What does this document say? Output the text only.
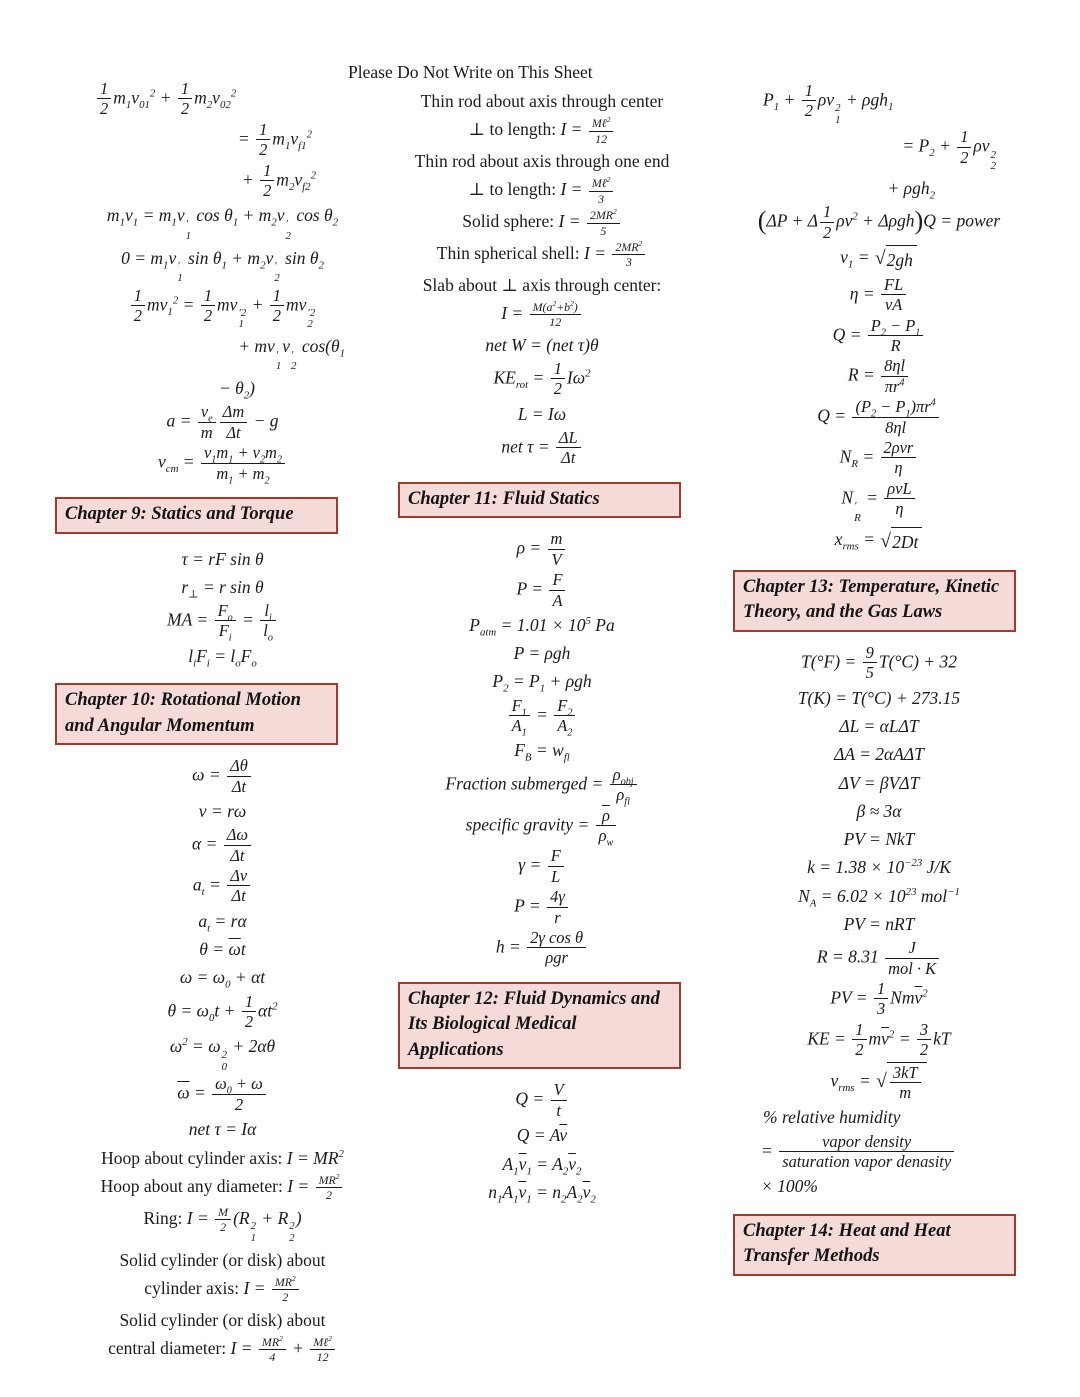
Please Do Not Write on This Sheet
$\frac{1}{2} m_1v_{01}^2 + \frac{1}{2} m_2v_{02}^2$
= $\frac{1}{2} m_1v_{f1}^2$
+ $\frac{1}{2} m_2v_{f2}^2$
$m_1v_1 = m_1v$ ′
1
$\cos \theta_1 + m_2v$ ′
2
$\cos \theta_2$
$0 = m_1v$ ′
1
$\sin \theta_1 + m_2v$ ′
2
$\sin \theta_2$
$\frac{1}{2} mv_1^2 = \frac{1}{2}$ mv ′2
1
+ $\frac{1}{2}$ mv ′2
2
+ mv ′
1
v ′
2
$\cos(\theta_1$
− $\theta_2$)
$a = \frac{v_e}{m} \frac{\Delta m}{\Delta t} - g$
$v_{cm} = \frac{v_1m_1 + v_2m_2}{m_1 + m_2}$
Chapter 9: Statics and Torque
τ = rF sin θ
$r_\perp = r$ sin θ
MA = $\frac{F_o}{F_i} = \frac{l_i}{l_o}$
$l_iF_i = l_oF_o$
Chapter 10: Rotational Motion and Angular Momentum
$\omega = \frac{\Delta\theta}{\Delta t}$
v = rω
$\alpha = \frac{\Delta\omega}{\Delta t}$
$a_t = \frac{\Delta v}{\Delta t}$
$a_t = r\alpha$
$\theta = \overline{\omega}t$
$\omega = \omega_0 + \alpha t$
$\theta = \omega_0t + \frac{1}{2} \alpha t^2$
$\omega^2 = \omega$ 2
0
+ 2αθ
$\overline{\omega} = \frac{\omega_0 + \omega}{2}$
net τ = Iα
Hoop about cylinder axis: $I = MR^2$
Hoop about any diameter: $I = \frac{MR^2}{2}$
Ring: $I = \frac{M}{2} (R$ 2
1
+ R 2
2
)
Solid cylinder (or disk) about
cylinder axis: $I = \frac{MR^2}{2}$
Solid cylinder (or disk) about
central diameter: $I = \frac{MR^2}{4}$ + Mℓ$^2$
12
Thin rod about axis through center
⊥ to length: I = Mℓ$^2$
12
Thin rod about axis through one end
⊥ to length: I = Mℓ$^2$
3
Solid sphere: $I = \frac{2MR^2}{5}$
Thin spherical shell: $I = \frac{2MR^2}{3}$
Slab about ⊥ axis through center:
$I = \frac{M(a^2+b^2)}{12}$
net W = (net τ)θ
$KE_{rot} = \frac{1}{2} I\omega^2$
L = Iω
net $\tau = \frac{\Delta L}{\Delta t}$
Chapter 11: Fluid Statics
$\rho = \frac{m}{V}$
$P = \frac{F}{A}$
$P_{atm} = 1.01 \times 10^5$ Pa
P = ρgh
$P_2 = P_1 + \rho gh$
$\frac{F_1}{A_1} = \frac{F_2}{A_2}$
$F_B = w_{fl}$
Fraction submerged = $\rho_{obj}$
$\rho_{fl}$
specific gravity = $\frac{\overline{\rho}}{\rho_w}$
$\gamma = \frac{F}{L}$
$P = \frac{4\gamma}{r}$
h = 2γ cos θ
ρgr
Chapter 12: Fluid Dynamics and Its Biological Medical Applications
$Q = \frac{V}{t}$
$Q = A\overline{v}$
$A_1\overline{v}_1 = A_2\overline{v}_2$
$n_1A_1\overline{v}_1 = n_2A_2\overline{v}_2$
$P_1 + \frac{1}{2}$ ρv 2
1
+ ρgh$_1$
= $P_2 + \frac{1}{2}$ ρv 2
2
+ ρgh$_2$
(ΔP + Δ $\frac{1}{2} \rho v^2 + \Delta\rho gh)Q$ = power
$v_1$ = √ 2gh
$\eta = \frac{FL}{vA}$
$Q = \frac{P_2 - P_1}{R}$
$R = \frac{8\eta l}{\pi r^4}$
$Q = \frac{(P_2 - P_1)\pi r^4}{8\eta l}$
$N_R = 2\rho vr$
η
N ′
R
= ρvL
η
$x_{rms}$ = √ 2Dt
Chapter 13: Temperature, Kinetic Theory, and the Gas Laws
$T(^\circ F) = \frac{9}{5} T(^\circ C) + 32$
T(K) = T(°C) + 273.15
ΔL = αLΔT
ΔA = 2αAΔT
ΔV = βVΔT
β ≈ 3α
PV = NkT
$k = 1.38 \times 10^{-23}$ J/K
$N_A = 6.02 \times 10^{23}$ mol$^{-1}$
PV = nRT
R = 8.31	J
mol · K
PV = $\frac{1}{3} Nm\overline{v}^2$
KE = $\frac{1}{2} m\overline{v}^2 = \frac{3}{2}$ kT
$v_{rms}$ = √ $\frac{3kT}{m}$
% relative humidity
=	vapor density
saturation vapor denasity
× 100%
Chapter 14: Heat and Heat Transfer Methods
